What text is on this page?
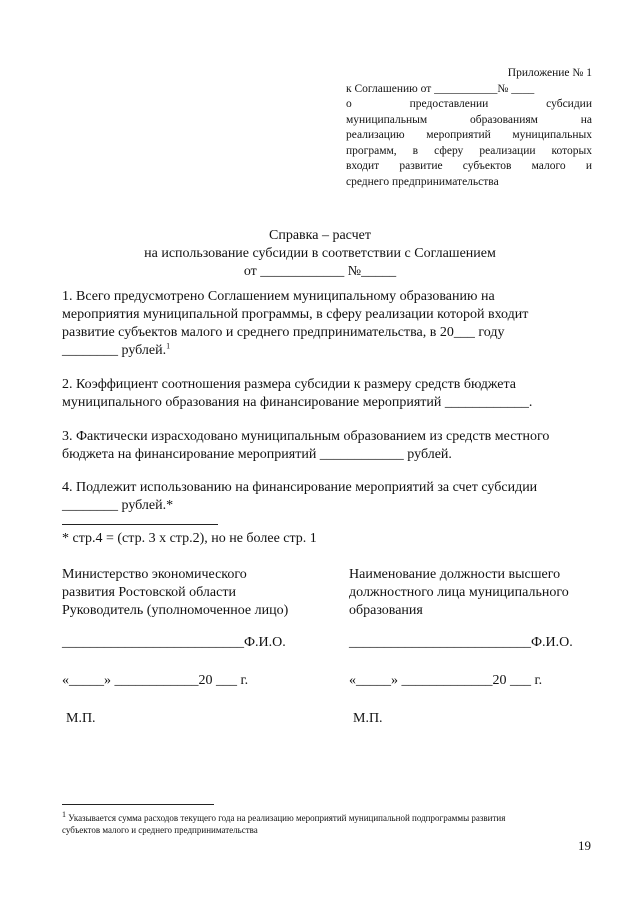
Приложение № 1
к Соглашению от ___________№ ____
о предоставлении субсидии
муниципальным образованиям на
реализацию мероприятий муниципальных
программ, в сферу реализации которых
входит развитие субъектов малого и
среднего предпринимательства
Справка – расчет
на использование субсидии в соответствии с Соглашением
от ____________ №_____
1. Всего предусмотрено Соглашением муниципальному образованию на
мероприятия муниципальной программы, в сферу реализации которой входит
развитие субъектов малого и среднего предпринимательства, в 20___ году
________ рублей.$^1$
2. Коэффициент соотношения размера субсидии к размеру средств бюджета
муниципального образования на финансирование мероприятий ____________.
3. Фактически израсходовано муниципальным образованием из средств местного
бюджета на финансирование мероприятий ____________ рублей.
4. Подлежит использованию на финансирование мероприятий за счет субсидии
________ рублей.*
* стр.4 = (стр. 3 х стр.2), но не более стр. 1
Министерство экономического
развития Ростовской области
Руководитель (уполномоченное лицо)
__________________________Ф.И.О.
«_____» ____________20 ___ г.
М.П.
Наименование должности высшего
должностного лица муниципального
образования
__________________________Ф.И.О.
«_____» _____________20 ___ г.
М.П.
1 Указывается сумма расходов текущего года на реализацию мероприятий муниципальной подпрограммы развития
субъектов малого и среднего предпринимательства
19
